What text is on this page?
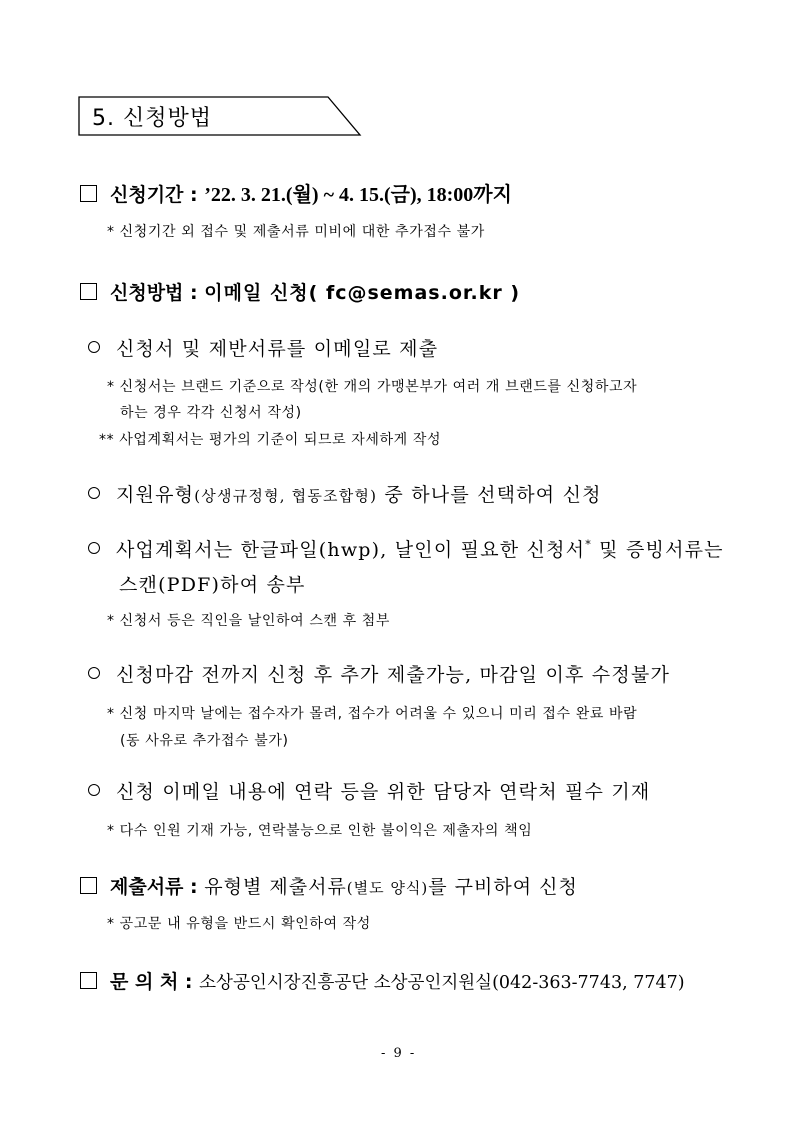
5. 신청방법
신청기간 : ’22. 3. 21.(월) ~ 4. 15.(금), 18:00까지
* 신청기간 외 접수 및 제출서류 미비에 대한 추가접수 불가
신청방법 : 이메일 신청( fc@semas.or.kr )
신청서 및 제반서류를 이메일로 제출
* 신청서는 브랜드 기준으로 작성(한 개의 가맹본부가 여러 개 브랜드를 신청하고자
하는 경우 각각 신청서 작성)
** 사업계획서는 평가의 기준이 되므로 자세하게 작성
지원유형(상생규정형, 협동조합형) 중 하나를 선택하여 신청
사업계획서는 한글파일(hwp), 날인이 필요한 신청서* 및 증빙서류는
스캔(PDF)하여 송부
* 신청서 등은 직인을 날인하여 스캔 후 첨부
신청마감 전까지 신청 후 추가 제출가능, 마감일 이후 수정불가
* 신청 마지막 날에는 접수자가 몰려, 접수가 어려울 수 있으니 미리 접수 완료 바람
(동 사유로 추가접수 불가)
신청 이메일 내용에 연락 등을 위한 담당자 연락처 필수 기재
* 다수 인원 기재 가능, 연락불능으로 인한 불이익은 제출자의 책임
제출서류 : 유형별 제출서류(별도 양식)를 구비하여 신청
* 공고문 내 유형을 반드시 확인하여 작성
문 의 처 : 소상공인시장진흥공단 소상공인지원실(042-363-7743, 7747)
- 9 -
